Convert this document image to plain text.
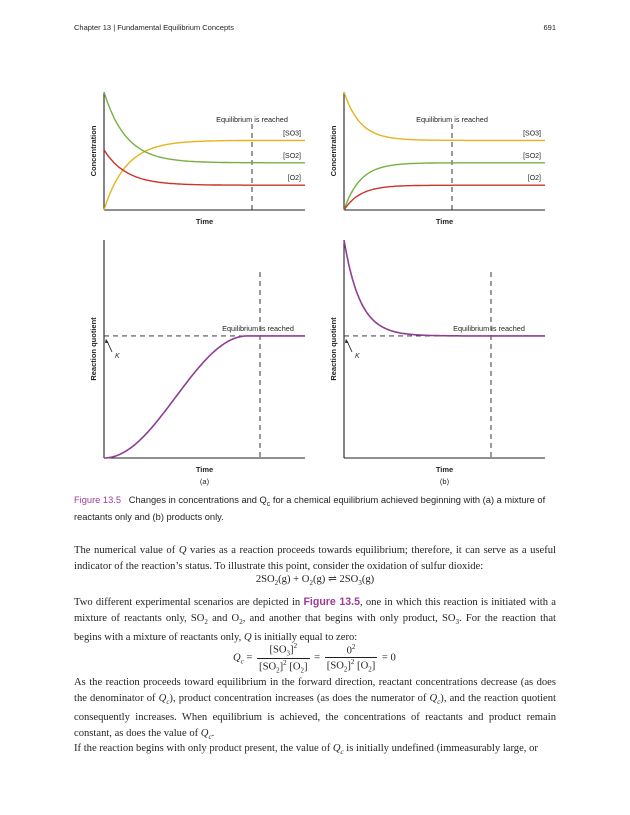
Chapter 13 | Fundamental Equilibrium Concepts	691
Time
Concentration
Equilibrium is reached
[SO3]
[SO2]
[O2]
Time
Concentration
Equilibrium is reached
[SO3]
[SO2]
[O2]
Time
Reaction quotient	Equilibrium is reached
K
Time
Reaction quotient	Equilibrium is reached
K
(a)	(b)
Figure 13.5 Changes in concentrations and $Q_c$ for a chemical equilibrium achieved beginning with (a) a mixture of reactants only and (b) products only.
The numerical value of Q varies as a reaction proceeds towards equilibrium; therefore, it can serve as a useful indicator of the reaction’s status. To illustrate this point, consider the oxidation of sulfur dioxide:
$2SO_2(g) + O_2(g)$ ⇌ $2SO_3(g)$
Two different experimental scenarios are depicted in Figure 13.5, one in which this reaction is initiated with a mixture of reactants only, $SO_2$ and $O_2$, and another that begins with only product, $SO_3$. For the reaction that begins with a mixture of reactants only, Q is initially equal to zero:
$Q_c = \frac{[SO_3]^2}{[SO_2]^2 [O_2]} = \frac{0^2}{[SO_2]^2 [O_2]} = 0$
As the reaction proceeds toward equilibrium in the forward direction, reactant concentrations decrease (as does the denominator of $Q_c$), product concentration increases (as does the numerator of $Q_c$), and the reaction quotient consequently increases. When equilibrium is achieved, the concentrations of reactants and product remain constant, as does the value of $Q_c$.
If the reaction begins with only product present, the value of $Q_c$ is initially undefined (immeasurably large, or
